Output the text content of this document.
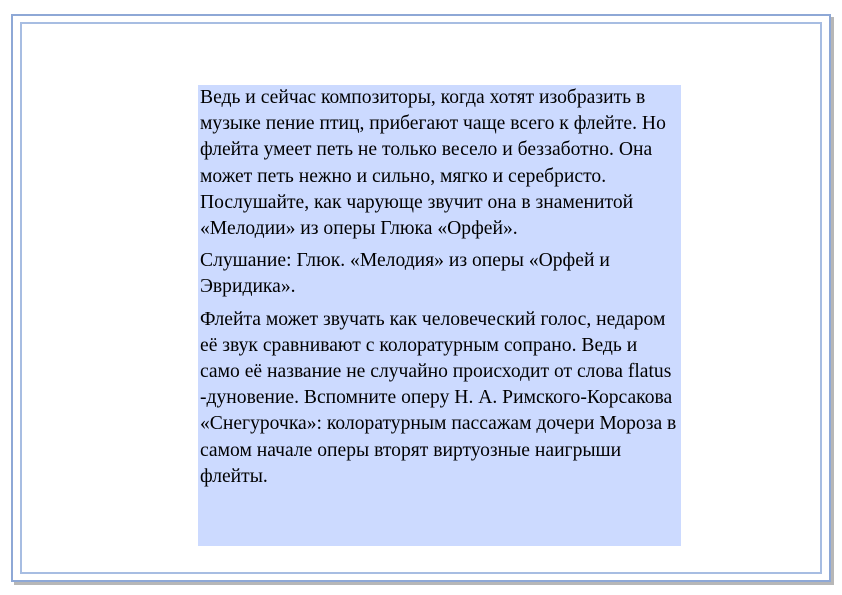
Ведь и сейчас композиторы, когда хотят изобразить в музыке пение птиц, прибегают чаще всего к флейте. Но флейта умеет петь не только весело и беззаботно. Она может петь нежно и сильно, мягко и серебристо. Послушайте, как чарующе звучит она в знаменитой «Мелодии» из оперы Глюка «Орфей».

Слушание: Глюк. «Мелодия» из оперы «Орфей и Эвридика».

Флейта может звучать как человеческий голос, недаром её звук сравнивают с колоратурным сопрано. Ведь и само её название не случайно происходит от слова flatus -дуновение. Вспомните оперу Н. А. Римского-Корсакова «Снегурочка»: колоратурным пассажам дочери Мороза в самом начале оперы вторят виртуозные наигрыши флейты.
